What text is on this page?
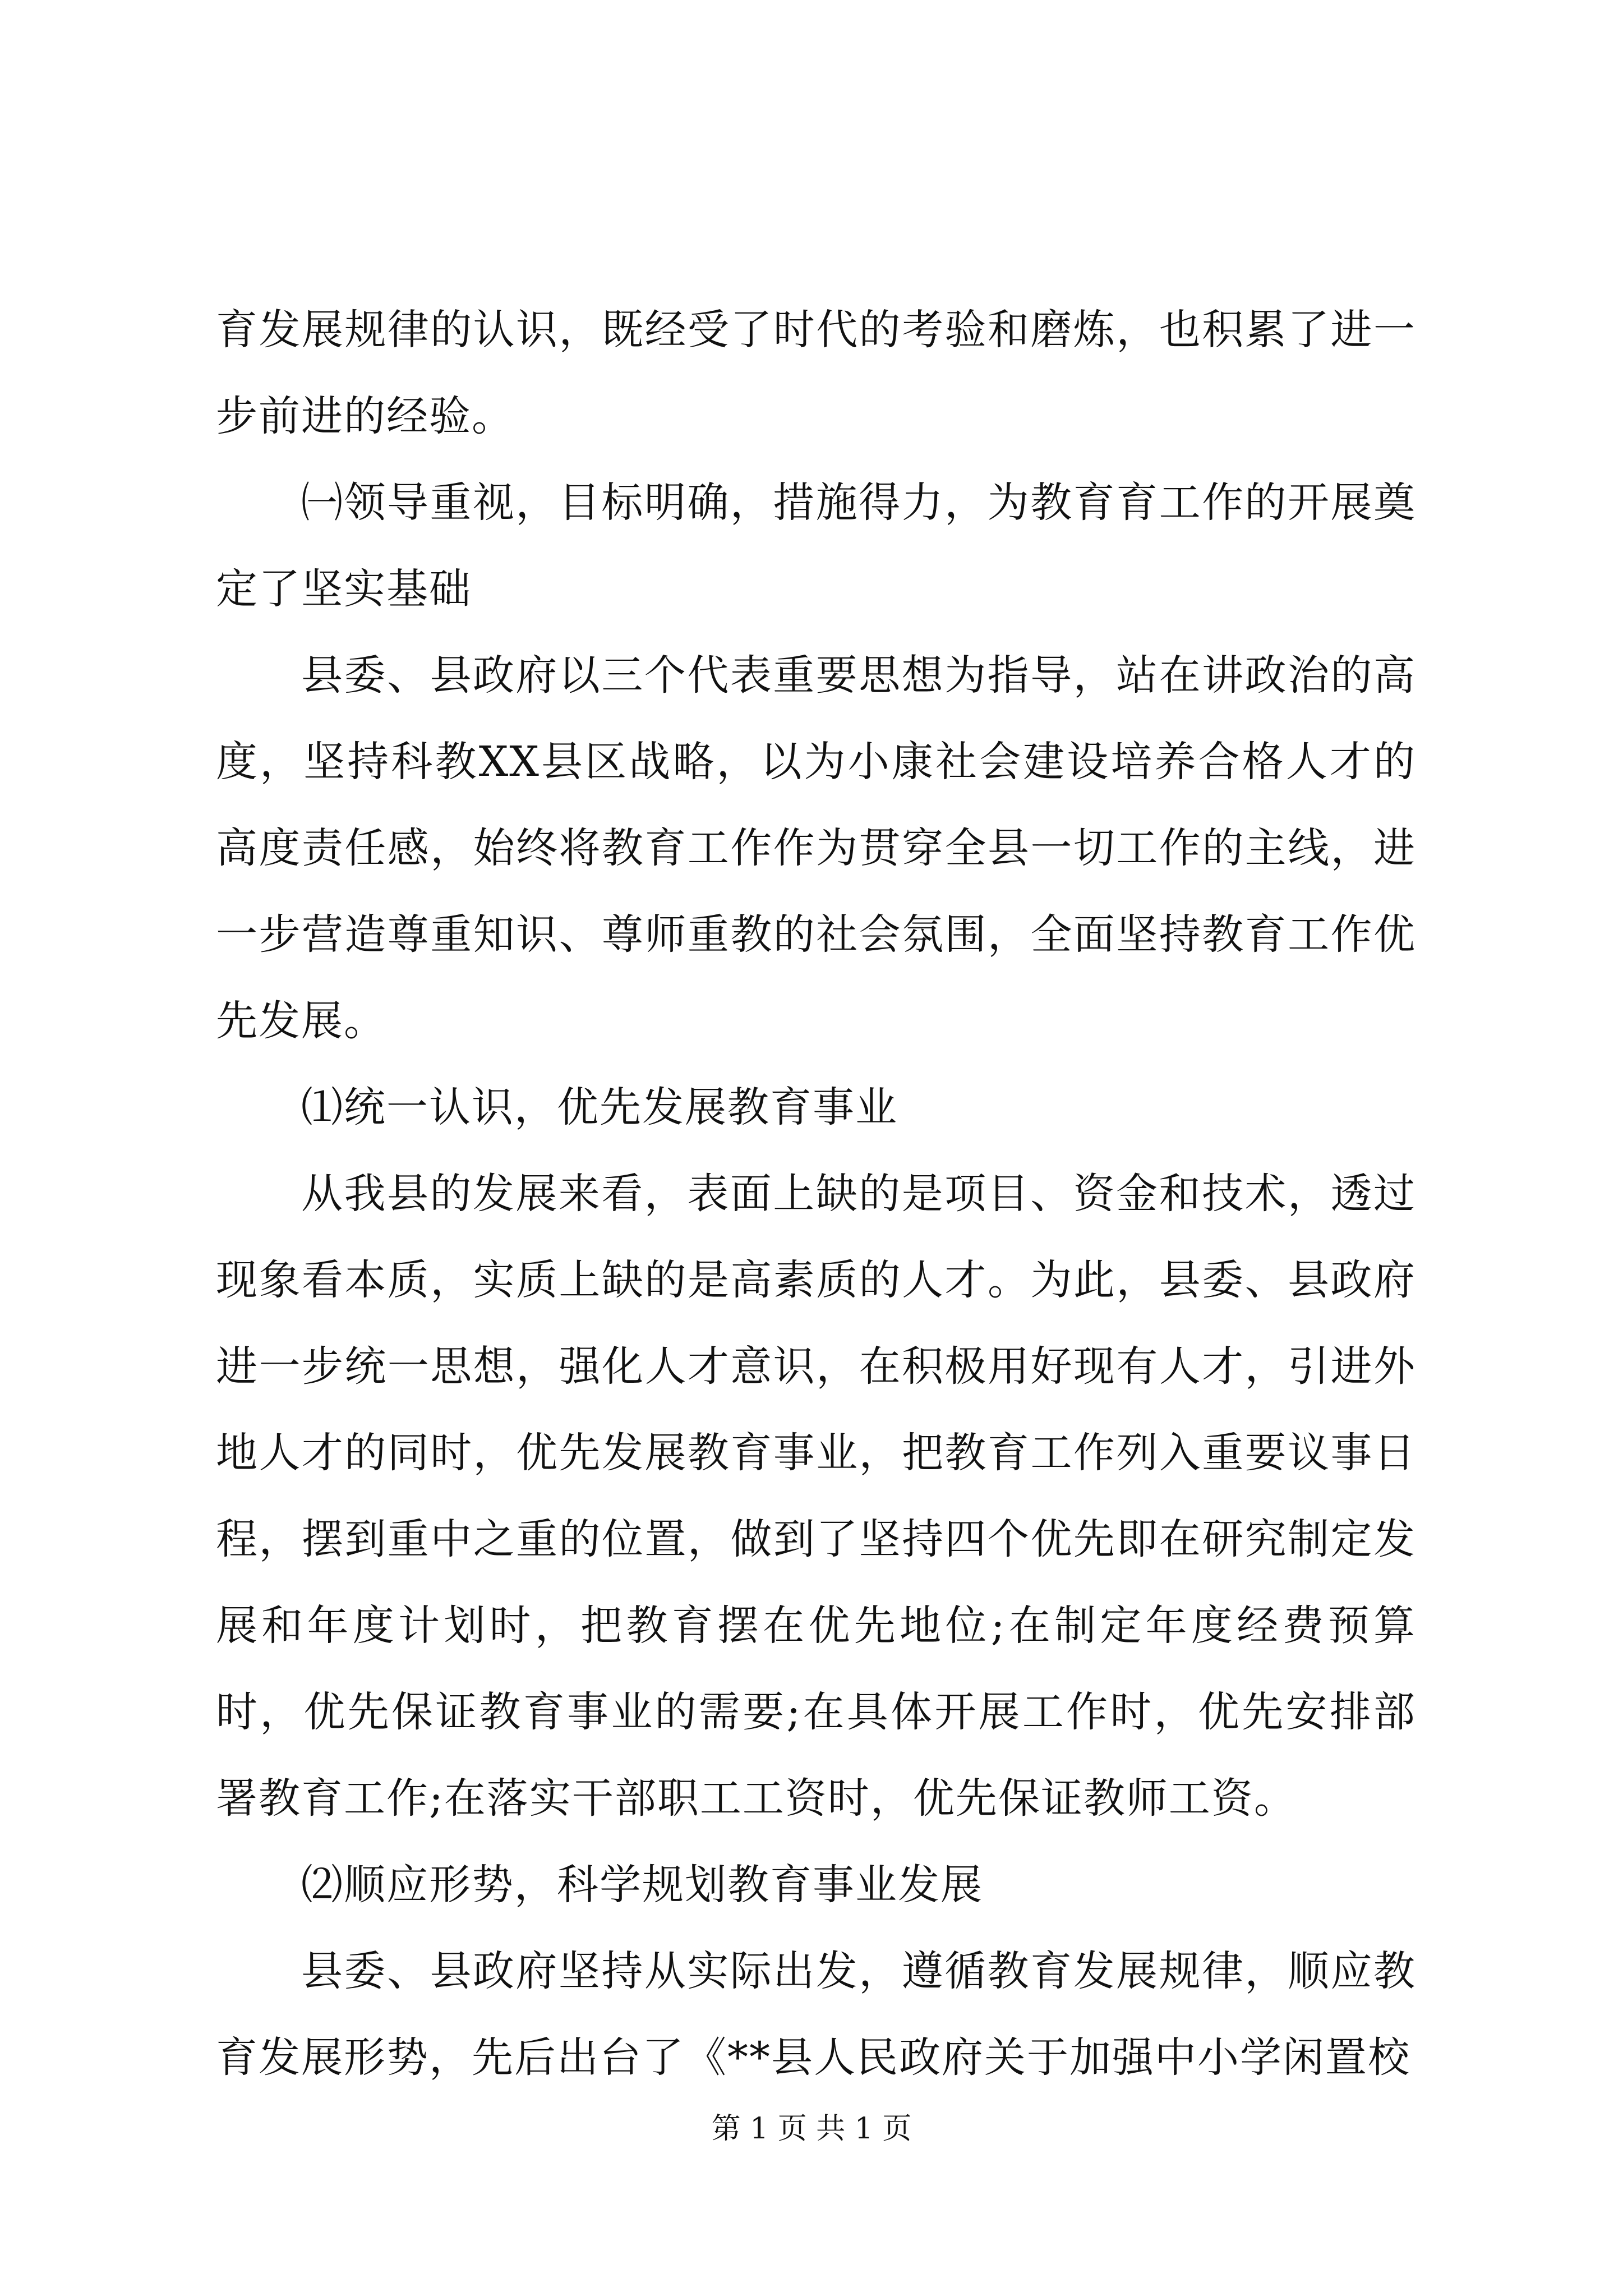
育发展规律的认识，既经受了时代的考验和磨炼，也积累了进一步前进的经验。

㈠领导重视，目标明确，措施得力，为教育育工作的开展奠定了坚实基础

县委、县政府以三个代表重要思想为指导，站在讲政治的高度，坚持科教XX县区战略，以为小康社会建设培养合格人才的高度责任感，始终将教育工作作为贯穿全县一切工作的主线，进一步营造尊重知识、尊师重教的社会氛围，全面坚持教育工作优先发展。

⑴统一认识，优先发展教育事业

从我县的发展来看，表面上缺的是项目、资金和技术，透过现象看本质，实质上缺的是高素质的人才。为此，县委、县政府进一步统一思想，强化人才意识，在积极用好现有人才，引进外地人才的同时，优先发展教育事业，把教育工作列入重要议事日程，摆到重中之重的位置，做到了坚持四个优先即在研究制定发展和年度计划时，把教育摆在优先地位;在制定年度经费预算时，优先保证教育事业的需要;在具体开展工作时，优先安排部署教育工作;在落实干部职工工资时，优先保证教师工资。

⑵顺应形势，科学规划教育事业发展

县委、县政府坚持从实际出发，遵循教育发展规律，顺应教育发展形势，先后出台了《**县人民政府关于加强中小学闲置校

第 1 页 共 1 页
